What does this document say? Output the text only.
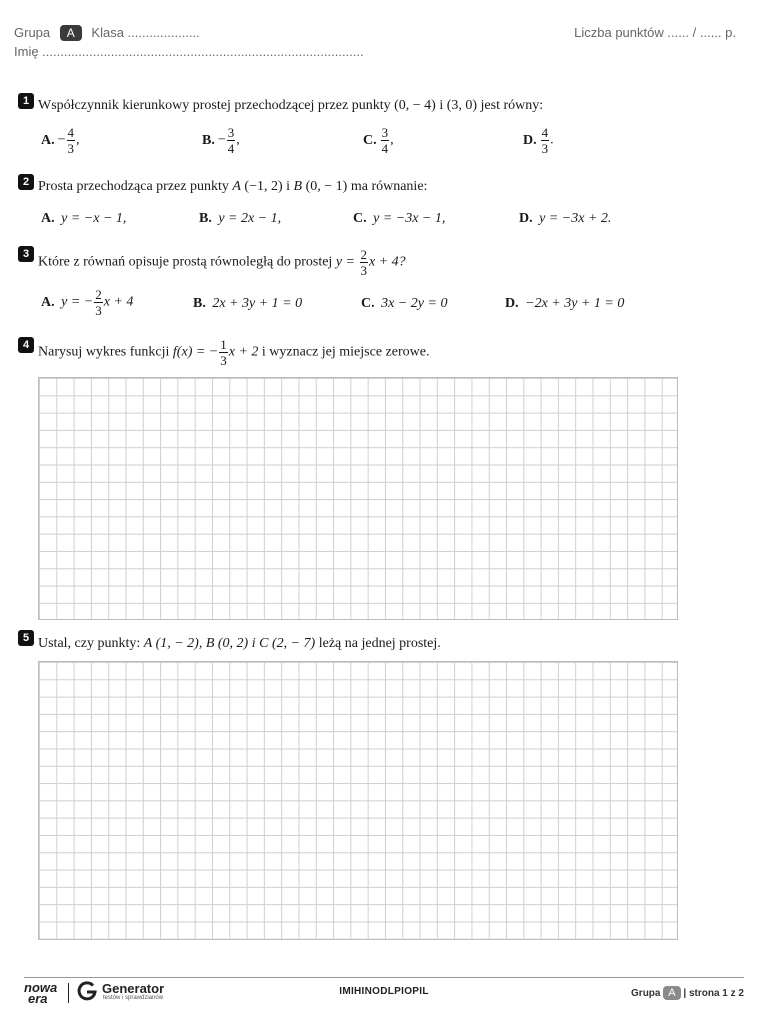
Grupa A Klasa ....................	Liczba punktów ...... / ...... p.
Imię .........................................................................................
1 Współczynnik kierunkowy prostej przechodzącej przez punkty (0, − 4) i (3, 0) jest równy:
A. − $\frac{4}{3}$ ,	B. − $\frac{3}{4}$ ,	C. $\frac{3}{4}$ ,	D. $\frac{4}{3}$ .
2 Prosta przechodząca przez punkty A (−1, 2) i B (0, − 1) ma równanie:
A. y = −x − 1,	B. y = 2x − 1,	C. y = −3x − 1,	D. y = −3x + 2.
3
Które z równań opisuje prostą równoległą do prostej $y = \frac{2}{3}$ x + 4?
A. y = − $\frac{2}{3}$ x + 4	B. 2x + 3y + 1 = 0	C. 3x − 2y = 0	D. −2x + 3y + 1 = 0
4 Narysuj wykres funkcji f(x) = − $\frac{1}{3}$ x + 2 i wyznacz jej miejsce zerowe.
5 Ustal, czy punkty: A (1, − 2), B (0, 2) i C (2, − 7) leżą na jednej prostej.
nowa
era
Generator
testów i sprawdzianów
IMIHINODLPIOPIL	Grupa A | strona 1 z 2
